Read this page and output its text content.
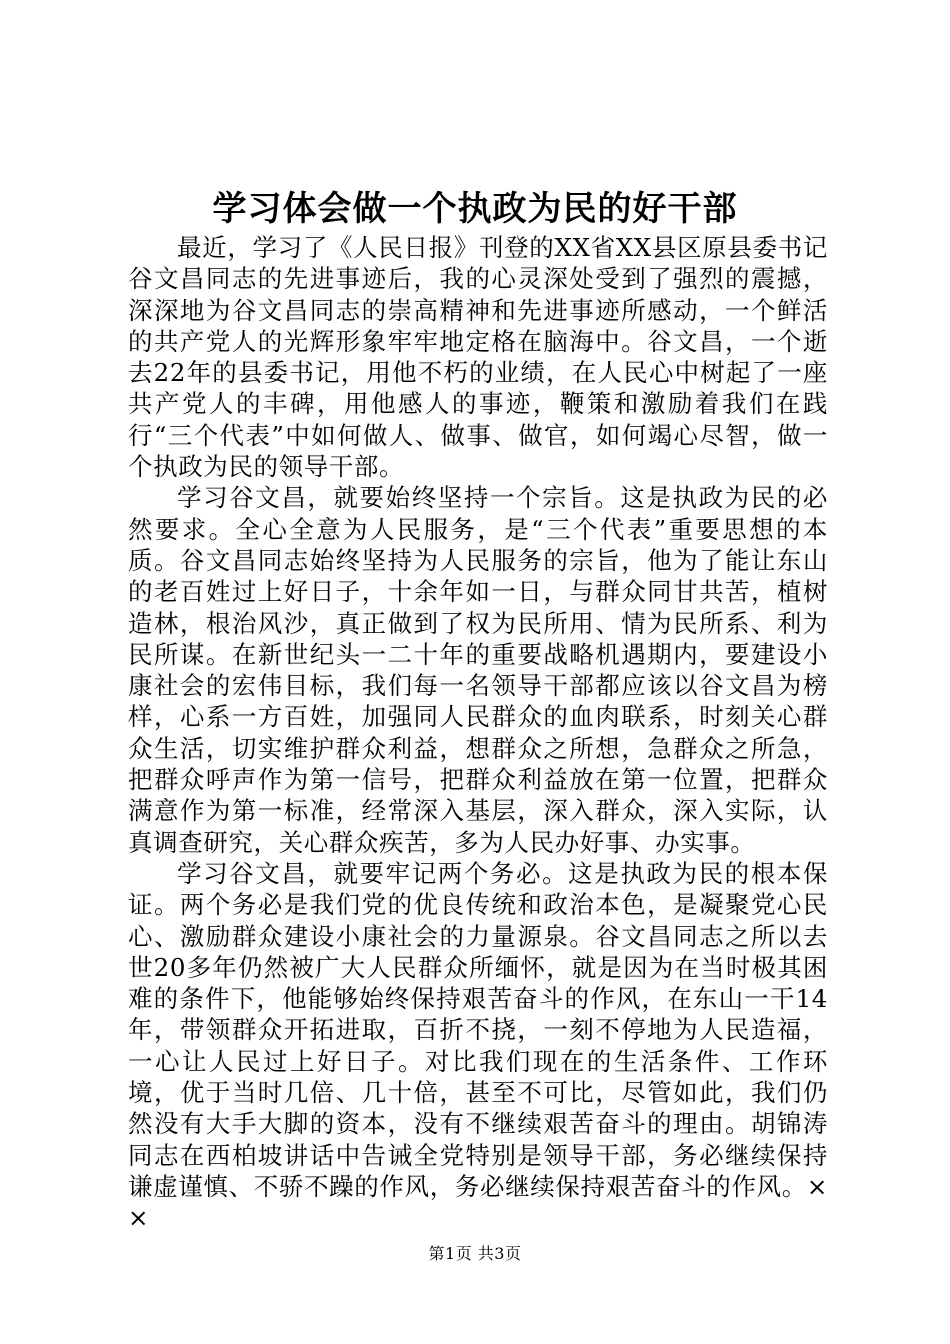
学习体会做一个执政为民的好干部

最近，学习了《人民日报》刊登的XX省XX县区原县委书记谷文昌同志的先进事迹后，我的心灵深处受到了强烈的震撼，深深地为谷文昌同志的崇高精神和先进事迹所感动，一个鲜活的共产党人的光辉形象牢牢地定格在脑海中。谷文昌，一个逝去22年的县委书记，用他不朽的业绩，在人民心中树起了一座共产党人的丰碑，用他感人的事迹，鞭策和激励着我们在践行“三个代表”中如何做人、做事、做官，如何竭心尽智，做一个执政为民的领导干部。

学习谷文昌，就要始终坚持一个宗旨。这是执政为民的必然要求。全心全意为人民服务，是“三个代表”重要思想的本质。谷文昌同志始终坚持为人民服务的宗旨，他为了能让东山的老百姓过上好日子，十余年如一日，与群众同甘共苦，植树造林，根治风沙，真正做到了权为民所用、情为民所系、利为民所谋。在新世纪头一二十年的重要战略机遇期内，要建设小康社会的宏伟目标，我们每一名领导干部都应该以谷文昌为榜样，心系一方百姓，加强同人民群众的血肉联系，时刻关心群众生活，切实维护群众利益，想群众之所想，急群众之所急，把群众呼声作为第一信号，把群众利益放在第一位置，把群众满意作为第一标准，经常深入基层，深入群众，深入实际，认真调查研究，关心群众疾苦，多为人民办好事、办实事。

学习谷文昌，就要牢记两个务必。这是执政为民的根本保证。两个务必是我们党的优良传统和政治本色，是凝聚党心民心、激励群众建设小康社会的力量源泉。谷文昌同志之所以去世20多年仍然被广大人民群众所缅怀，就是因为在当时极其困难的条件下，他能够始终保持艰苦奋斗的作风，在东山一干14年，带领群众开拓进取，百折不挠，一刻不停地为人民造福，一心让人民过上好日子。对比我们现在的生活条件、工作环境，优于当时几倍、几十倍，甚至不可比，尽管如此，我们仍然没有大手大脚的资本，没有不继续艰苦奋斗的理由。胡锦涛同志在西柏坡讲话中告诫全党特别是领导干部，务必继续保持谦虚谨慎、不骄不躁的作风，务必继续保持艰苦奋斗的作风。××

第1页 共3页
